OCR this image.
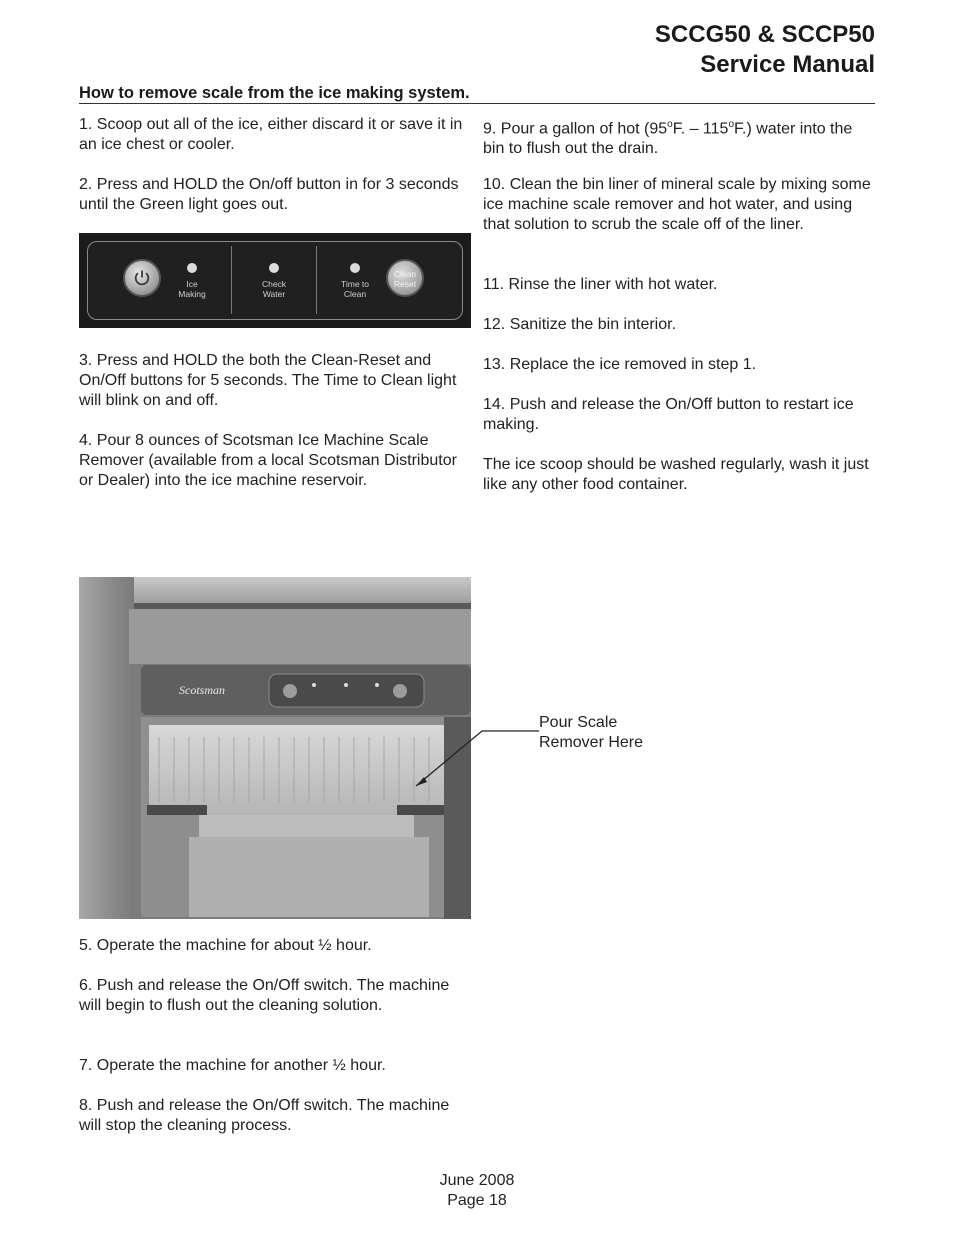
SCCG50 & SCCP50
Service Manual
How to remove scale from the ice making system.
1. Scoop out all of the ice, either discard it or save it in an ice chest or cooler.
2. Press and HOLD the On/off button in for 3 seconds until the Green light goes out.
Ice
Making
Check
Water
Time to
Clean
Clean
Reset
3. Press and HOLD the both the Clean-Reset and On/Off buttons for 5 seconds. The Time to Clean light will blink on and off.
4. Pour 8 ounces of Scotsman Ice Machine Scale Remover (available from a local Scotsman Distributor or Dealer) into the ice machine reservoir.
Scotsman
Pour Scale
Remover Here
5. Operate the machine for about ½ hour.
6. Push and release the On/Off switch. The machine will begin to flush out the cleaning solution.
7. Operate the machine for another ½ hour.
8. Push and release the On/Off switch. The machine will stop the cleaning process.
9. Pour a gallon of hot (95$^o$F. – 115$^o$F.) water into the bin to flush out the drain.
10. Clean the bin liner of mineral scale by mixing some ice machine scale remover and hot water, and using that solution to scrub the scale off of the liner.
11. Rinse the liner with hot water.
12. Sanitize the bin interior.
13. Replace the ice removed in step 1.
14. Push and release the On/Off button to restart ice making.
The ice scoop should be washed regularly, wash it just like any other food container.
June 2008
Page 18
